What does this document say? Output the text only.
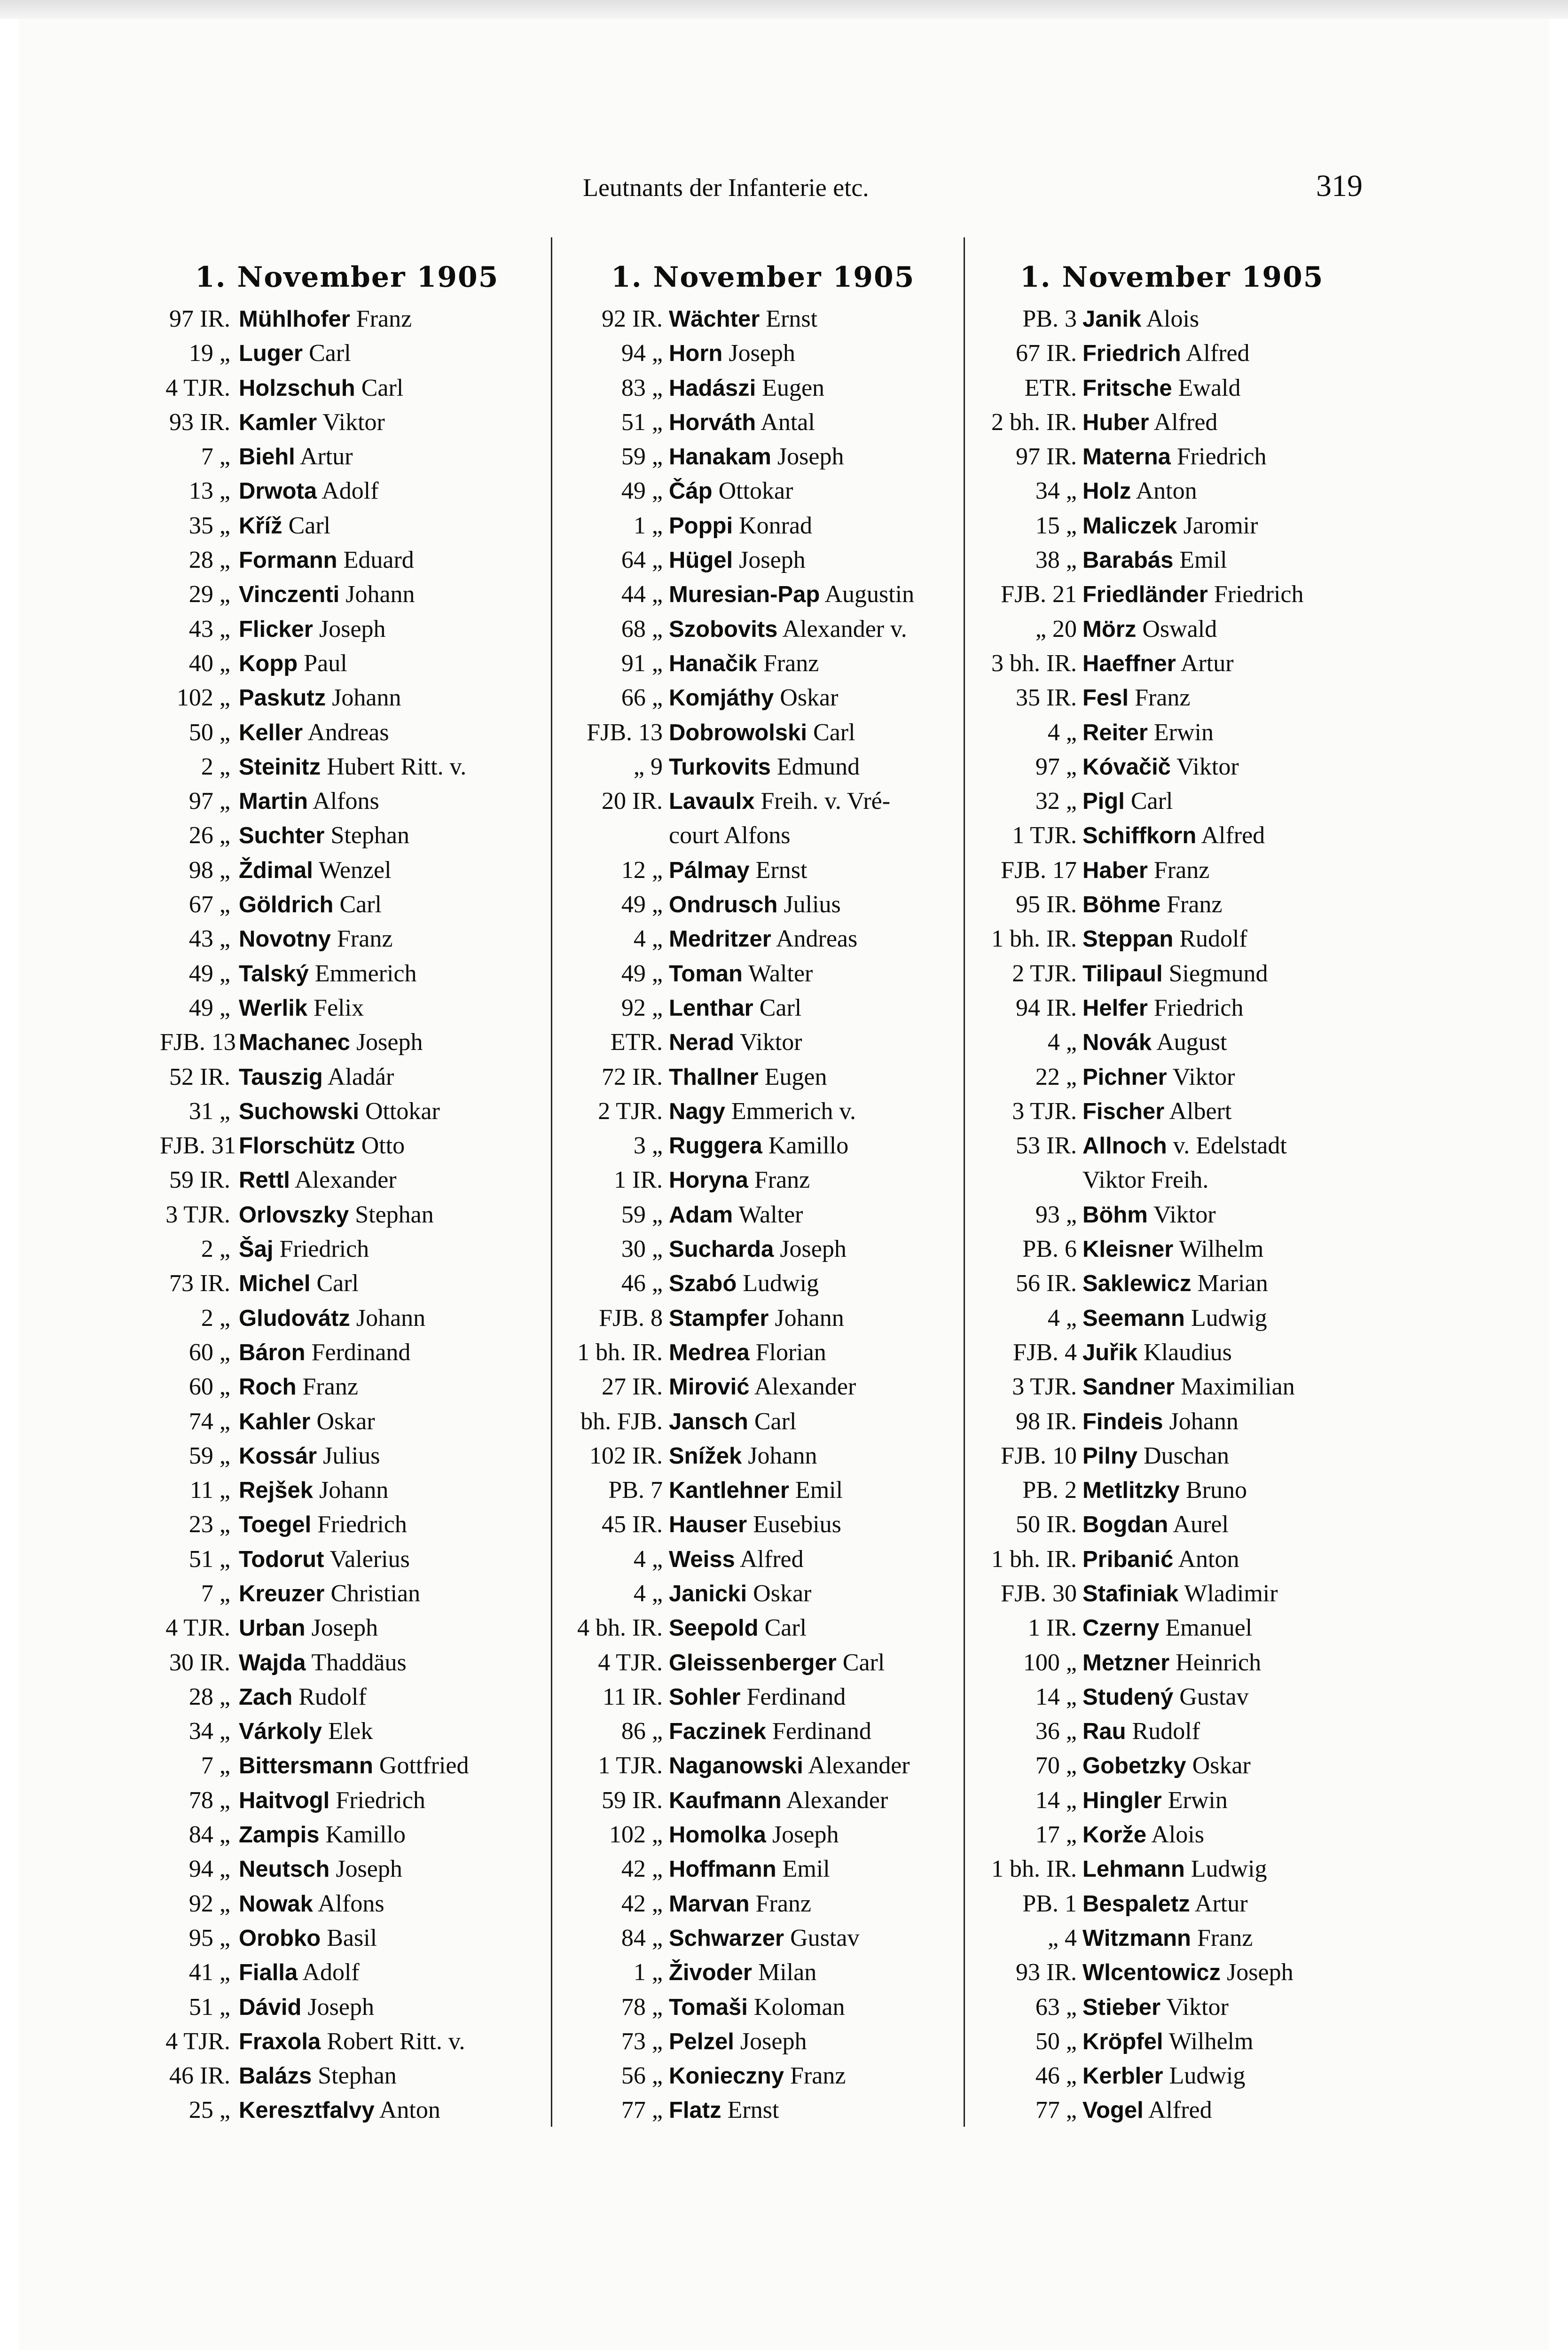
Leutnants der Infanterie etc.	319
1. November 1905	1. November 1905	1. November 1905
97 IR. Mühlhofer Franz
19 „ Luger Carl
4 TJR. Holzschuh Carl
93 IR. Kamler Viktor
7 „ Biehl Artur
13 „ Drwota Adolf
35 „ Kříž Carl
28 „ Formann Eduard
29 „ Vinczenti Johann
43 „ Flicker Joseph
40 „ Kopp Paul
102 „ Paskutz Johann
50 „ Keller Andreas
2 „ Steinitz Hubert Ritt. v.
97 „ Martin Alfons
26 „ Suchter Stephan
98 „ Ždimal Wenzel
67 „ Göldrich Carl
43 „ Novotny Franz
49 „ Talský Emmerich
49 „ Werlik Felix
FJB. 13 Machanec Joseph
52 IR. Tauszig Aladár
31 „ Suchowski Ottokar
FJB. 31 Florschütz Otto
59 IR. Rettl Alexander
3 TJR. Orlovszky Stephan
2 „ Šaj Friedrich
73 IR. Michel Carl
2 „ Gludovátz Johann
60 „ Báron Ferdinand
60 „ Roch Franz
74 „ Kahler Oskar
59 „ Kossár Julius
11 „ Rejšek Johann
23 „ Toegel Friedrich
51 „ Todorut Valerius
7 „ Kreuzer Christian
4 TJR. Urban Joseph
30 IR. Wajda Thaddäus
28 „ Zach Rudolf
34 „ Várkoly Elek
7 „ Bittersmann Gottfried
78 „ Haitvogl Friedrich
84 „ Zampis Kamillo
94 „ Neutsch Joseph
92 „ Nowak Alfons
95 „ Orobko Basil
41 „ Fialla Adolf
51 „ Dávid Joseph
4 TJR. Fraxola Robert Ritt. v.
46 IR. Balázs Stephan
25 „ Keresztfalvy Anton
92 IR. Wächter Ernst
94 „ Horn Joseph
83 „ Hadászi Eugen
51 „ Horváth Antal
59 „ Hanakam Joseph
49 „ Čáp Ottokar
1 „ Poppi Konrad
64 „ Hügel Joseph
44 „ Muresian-Pap Augustin
68 „ Szobovits Alexander v.
91 „ Hanačik Franz
66 „ Komjáthy Oskar
FJB. 13 Dobrowolski Carl
„ 9 Turkovits Edmund
20 IR. Lavaulx Freih. v. Vré-
court Alfons
12 „ Pálmay Ernst
49 „ Ondrusch Julius
4 „ Medritzer Andreas
49 „ Toman Walter
92 „ Lenthar Carl
ETR. Nerad Viktor
72 IR. Thallner Eugen
2 TJR. Nagy Emmerich v.
3 „ Ruggera Kamillo
1 IR. Horyna Franz
59 „ Adam Walter
30 „ Sucharda Joseph
46 „ Szabó Ludwig
FJB. 8 Stampfer Johann
1 bh. IR. Medrea Florian
27 IR. Mirović Alexander
bh. FJB. Jansch Carl
102 IR. Snížek Johann
PB. 7 Kantlehner Emil
45 IR. Hauser Eusebius
4 „ Weiss Alfred
4 „ Janicki Oskar
4 bh. IR. Seepold Carl
4 TJR. Gleissenberger Carl
11 IR. Sohler Ferdinand
86 „ Faczinek Ferdinand
1 TJR. Naganowski Alexander
59 IR. Kaufmann Alexander
102 „ Homolka Joseph
42 „ Hoffmann Emil
42 „ Marvan Franz
84 „ Schwarzer Gustav
1 „ Živoder Milan
78 „ Tomaši Koloman
73 „ Pelzel Joseph
56 „ Konieczny Franz
77 „ Flatz Ernst
PB. 3 Janik Alois
67 IR. Friedrich Alfred
ETR. Fritsche Ewald
2 bh. IR. Huber Alfred
97 IR. Materna Friedrich
34 „ Holz Anton
15 „ Maliczek Jaromir
38 „ Barabás Emil
FJB. 21 Friedländer Friedrich
„ 20 Mörz Oswald
3 bh. IR. Haeffner Artur
35 IR. Fesl Franz
4 „ Reiter Erwin
97 „ Kóvačič Viktor
32 „ Pigl Carl
1 TJR. Schiffkorn Alfred
FJB. 17 Haber Franz
95 IR. Böhme Franz
1 bh. IR. Steppan Rudolf
2 TJR. Tilipaul Siegmund
94 IR. Helfer Friedrich
4 „ Novák August
22 „ Pichner Viktor
3 TJR. Fischer Albert
53 IR. Allnoch v. Edelstadt
Viktor Freih.
93 „ Böhm Viktor
PB. 6 Kleisner Wilhelm
56 IR. Saklewicz Marian
4 „ Seemann Ludwig
FJB. 4 Juřik Klaudius
3 TJR. Sandner Maximilian
98 IR. Findeis Johann
FJB. 10 Pilny Duschan
PB. 2 Metlitzky Bruno
50 IR. Bogdan Aurel
1 bh. IR. Pribanić Anton
FJB. 30 Stafiniak Wladimir
1 IR. Czerny Emanuel
100 „ Metzner Heinrich
14 „ Studený Gustav
36 „ Rau Rudolf
70 „ Gobetzky Oskar
14 „ Hingler Erwin
17 „ Korže Alois
1 bh. IR. Lehmann Ludwig
PB. 1 Bespaletz Artur
„ 4 Witzmann Franz
93 IR. Wlcentowicz Joseph
63 „ Stieber Viktor
50 „ Kröpfel Wilhelm
46 „ Kerbler Ludwig
77 „ Vogel Alfred
